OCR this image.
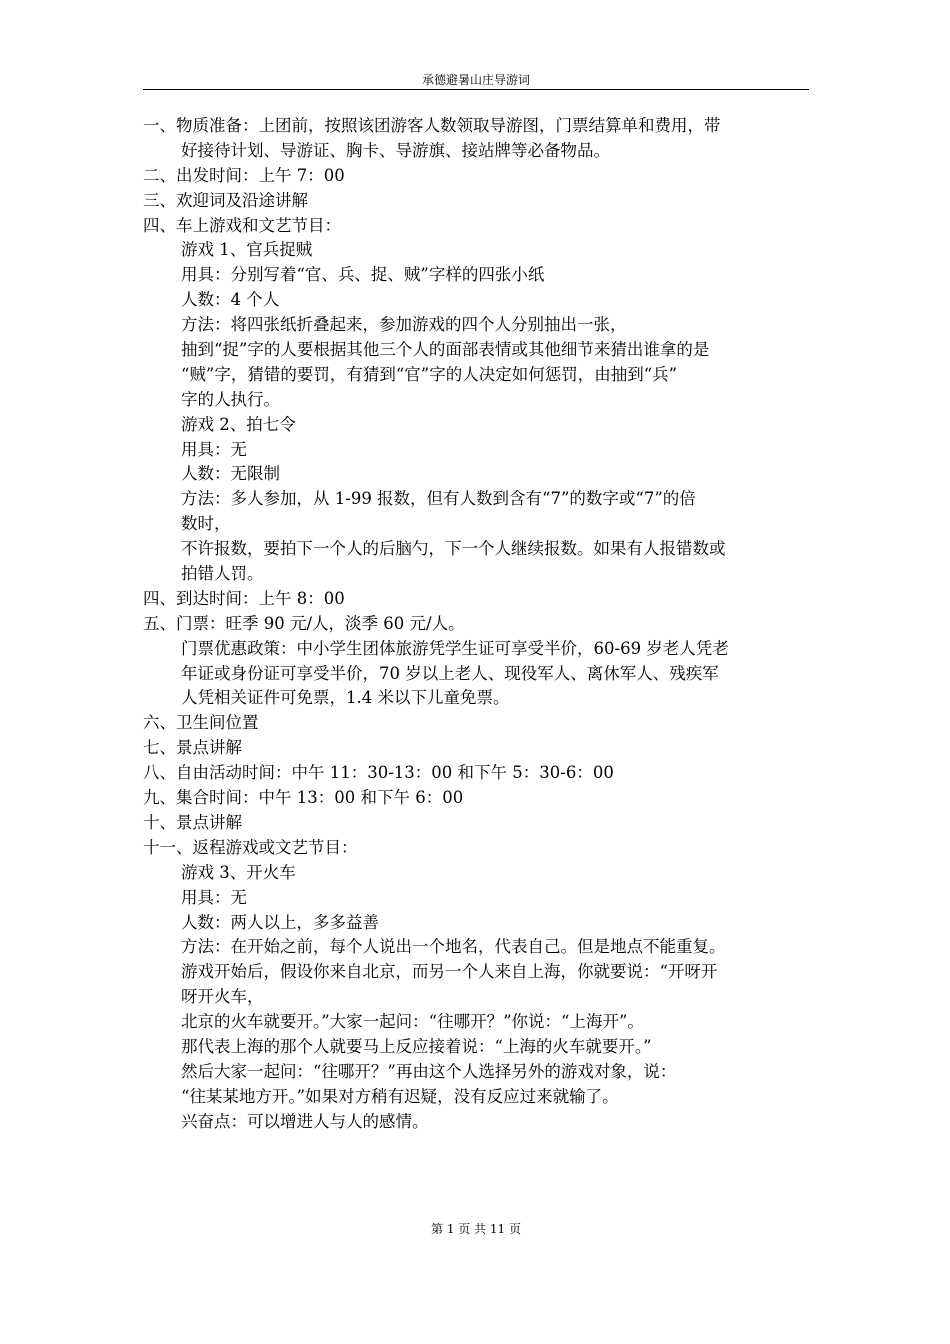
承德避暑山庄导游词
一、物质准备：上团前，按照该团游客人数领取导游图，门票结算单和费用，带
好接待计划、导游证、胸卡、导游旗、接站牌等必备物品。
二、出发时间：上午 7：00
三、欢迎词及沿途讲解
四、车上游戏和文艺节目：
游戏 1、官兵捉贼
用具：分别写着“官、兵、捉、贼”字样的四张小纸
人数：4 个人
方法：将四张纸折叠起来，参加游戏的四个人分别抽出一张，
抽到“捉”字的人要根据其他三个人的面部表情或其他细节来猜出谁拿的是
“贼”字，猜错的要罚，有猜到“官”字的人决定如何惩罚，由抽到“兵”
字的人执行。
游戏 2、拍七令
用具：无
人数：无限制
方法：多人参加，从 1-99 报数，但有人数到含有“7”的数字或“7”的倍
数时，
不许报数，要拍下一个人的后脑勺，下一个人继续报数。如果有人报错数或
拍错人罚。
四、到达时间：上午 8：00
五、门票：旺季 90 元/人，淡季 60 元/人。
门票优惠政策：中小学生团体旅游凭学生证可享受半价，60-69 岁老人凭老
年证或身份证可享受半价，70 岁以上老人、现役军人、离休军人、残疾军
人凭相关证件可免票，1.4 米以下儿童免票。
六、卫生间位置
七、景点讲解
八、自由活动时间：中午 11：30-13：00 和下午 5：30-6：00
九、集合时间：中午 13：00 和下午 6：00
十、景点讲解
十一、返程游戏或文艺节目：
游戏 3、开火车
用具：无
人数：两人以上，多多益善
方法：在开始之前，每个人说出一个地名，代表自己。但是地点不能重复。
游戏开始后，假设你来自北京，而另一个人来自上海，你就要说：“开呀开
呀开火车，
北京的火车就要开。”大家一起问：“往哪开？”你说：“上海开”。
那代表上海的那个人就要马上反应接着说：“上海的火车就要开。”
然后大家一起问：“往哪开？”再由这个人选择另外的游戏对象，说：
“往某某地方开。”如果对方稍有迟疑，没有反应过来就输了。
兴奋点：可以增进人与人的感情。
第 1 页 共 11 页
